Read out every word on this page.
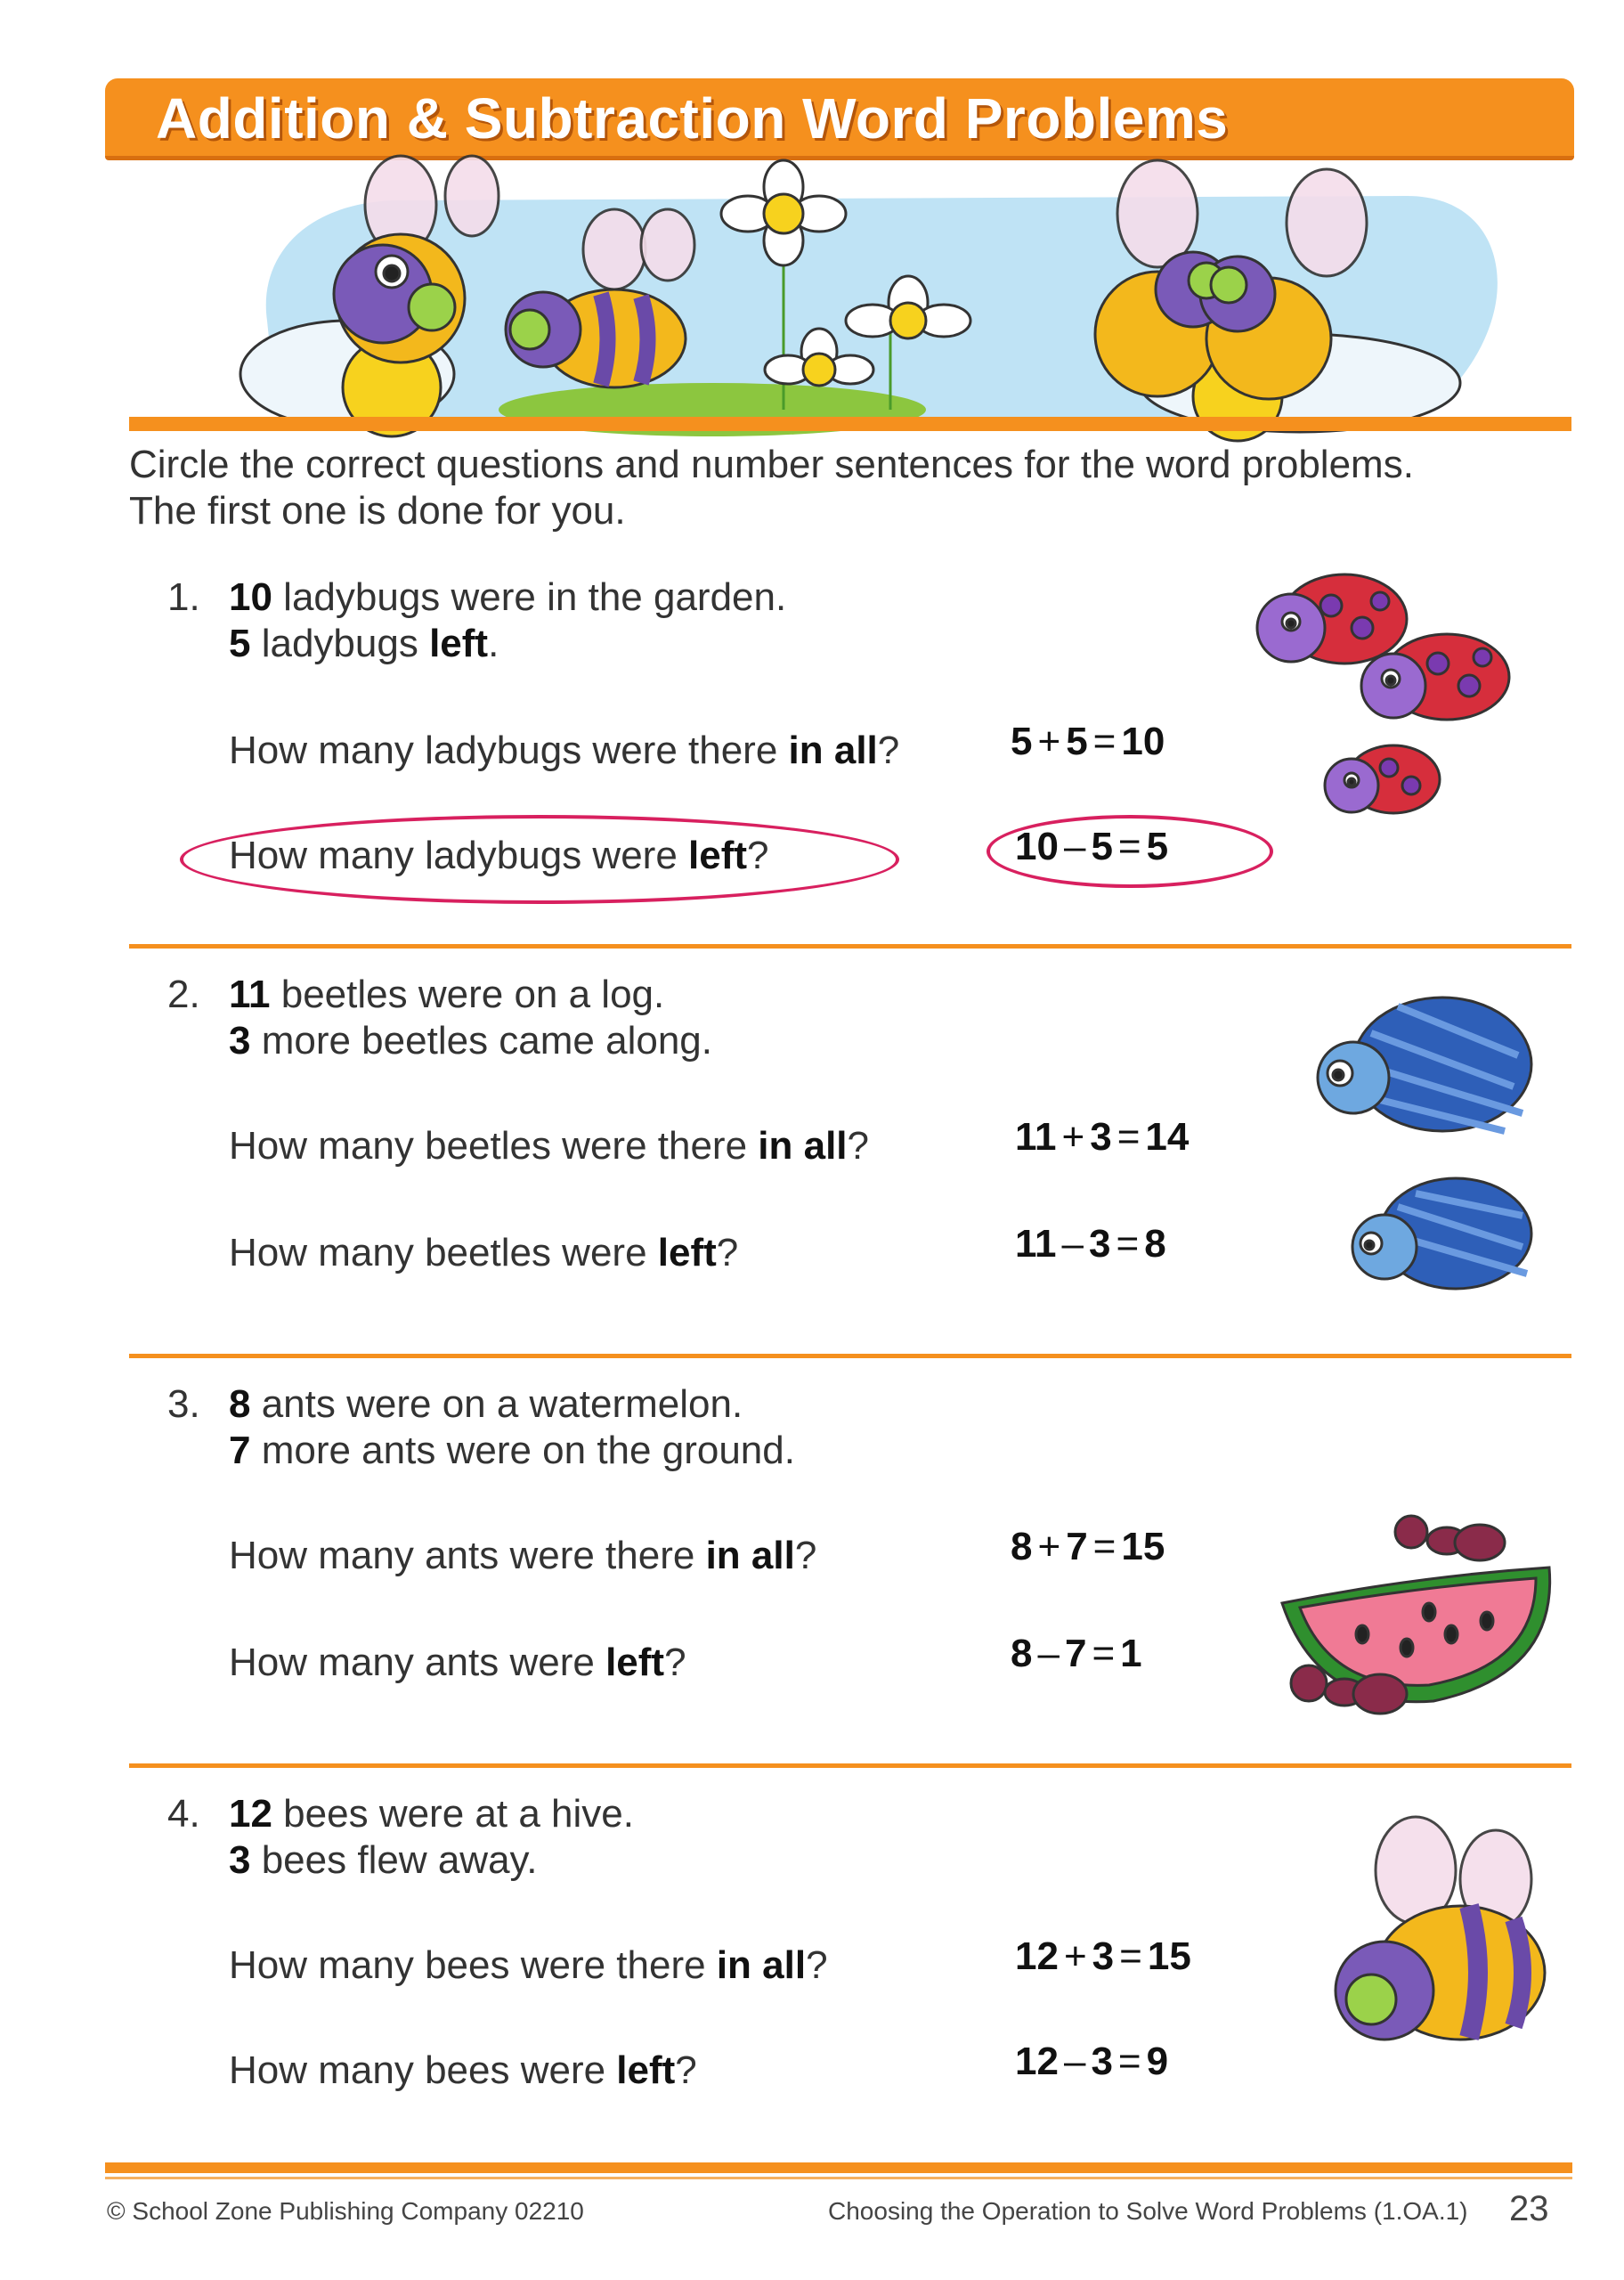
Addition & Subtraction Word Problems
Circle the correct questions and number sentences for the word problems.
The first one is done for you.
1. 10 ladybugs were in the garden.
5 ladybugs left.
How many ladybugs were there in all?	5 + 5 = 10
How many ladybugs were left?	10 – 5 = 5
2. 11 beetles were on a log.
3 more beetles came along.
How many beetles were there in all?	11 + 3 = 14
How many beetles were left?	11 – 3 = 8
3. 8 ants were on a watermelon.
7 more ants were on the ground.
How many ants were there in all?	8 + 7 = 15
How many ants were left?	8 – 7 = 1
4. 12 bees were at a hive.
3 bees flew away.
How many bees were there in all?	12 + 3 = 15
How many bees were left?	12 – 3 = 9
© School Zone Publishing Company 02210	Choosing the Operation to Solve Word Problems (1.OA.1) 23
